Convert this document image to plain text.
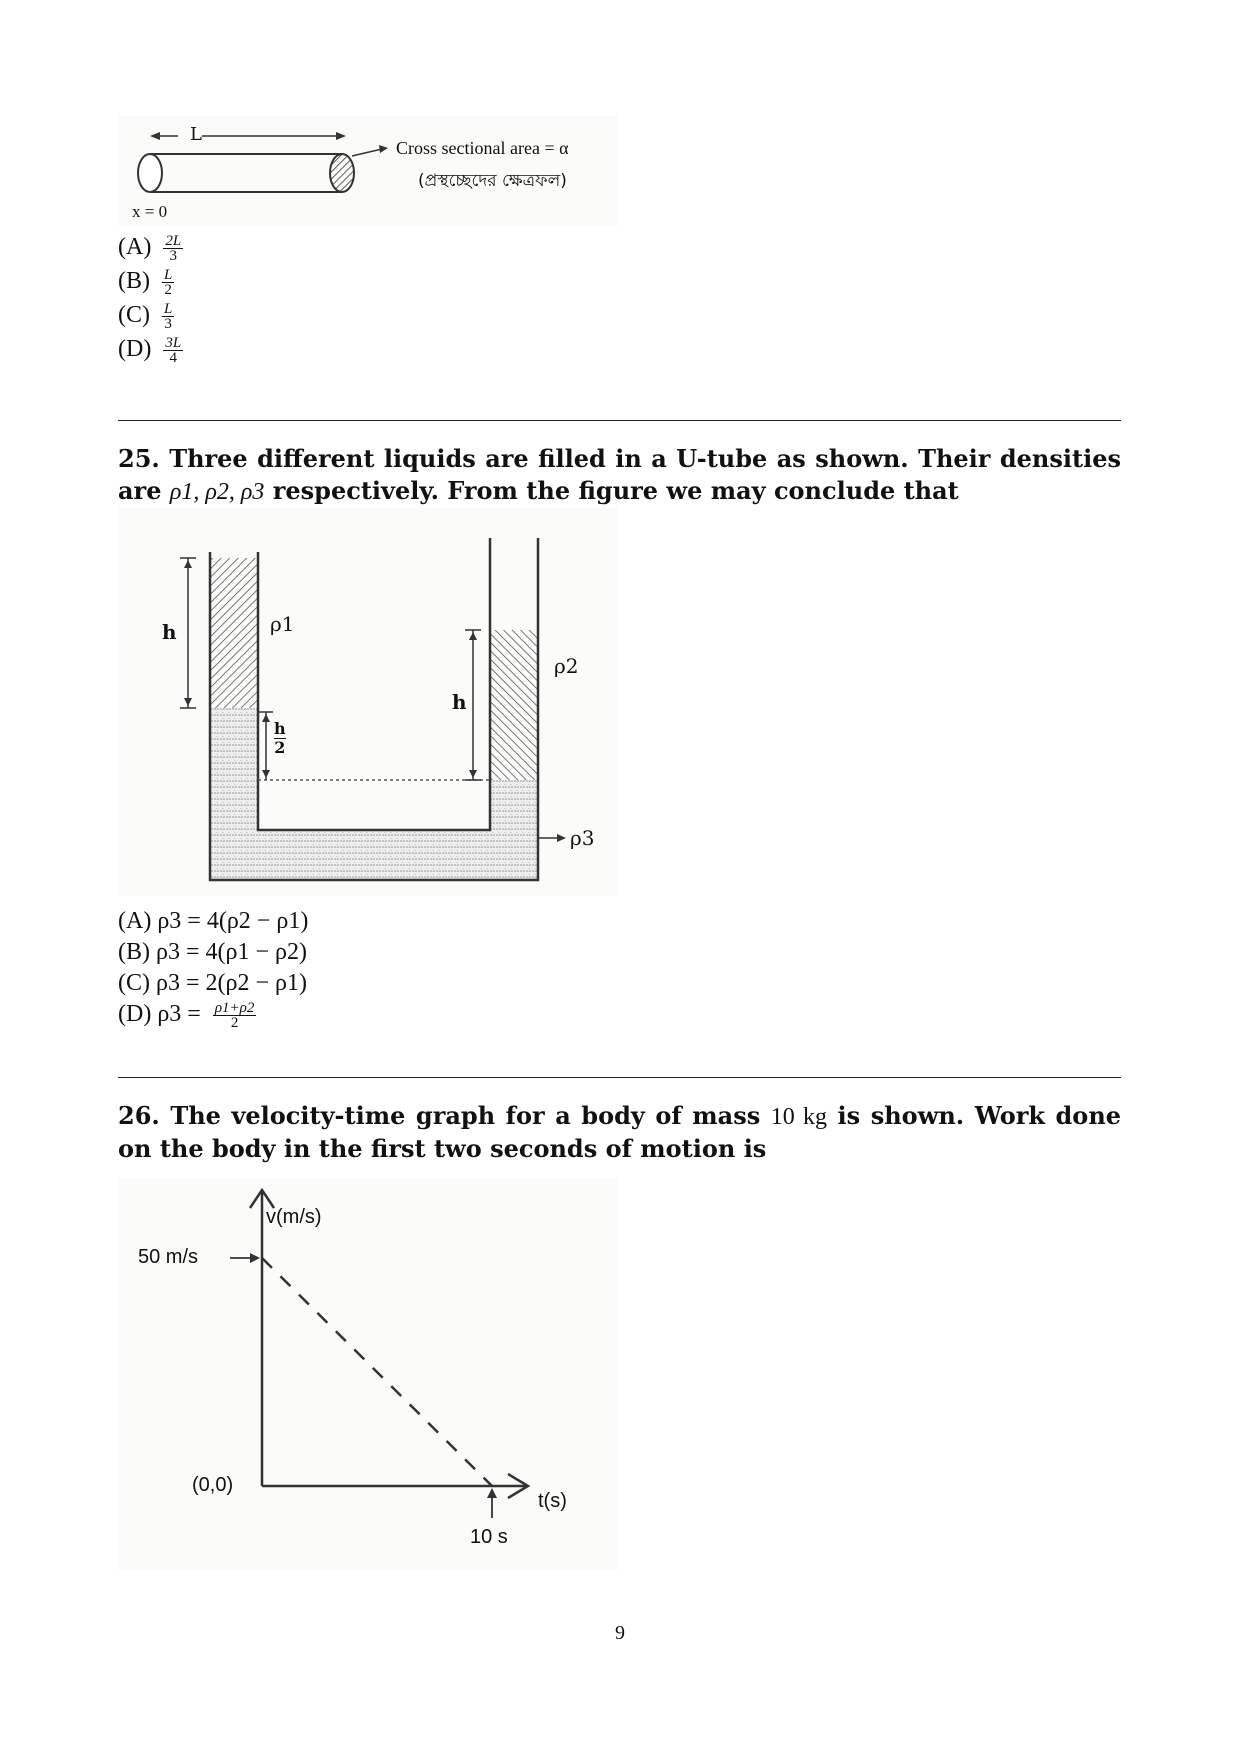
L
Cross sectional area = α
(প্রস্থচ্ছেদের ক্ষেত্রফল)
x = 0
$(A) \frac{2L}{3}$
$(B) \frac{L}{2}$
$(C) \frac{L}{3}$
$(D) \frac{3L}{4}$
25. Three different liquids are filled in a U-tube as shown. Their densities are ρ1, ρ2, ρ3 respectively. From the figure we may conclude that
h	ρ1
$\frac{h}{2}$
h
ρ2
ρ3
(A) ρ3 = 4(ρ2 − ρ1)
(B) ρ3 = 4(ρ1 − ρ2)
(C) ρ3 = 2(ρ2 − ρ1)
(D) $\rho 3 = \frac{\rho 1+\rho 2}{2}$
26. The velocity-time graph for a body of mass 10 kg is shown. Work done on the body in the first two seconds of motion is
v(m/s)
50 m/s
(0,0)
t(s)
10 s
9
